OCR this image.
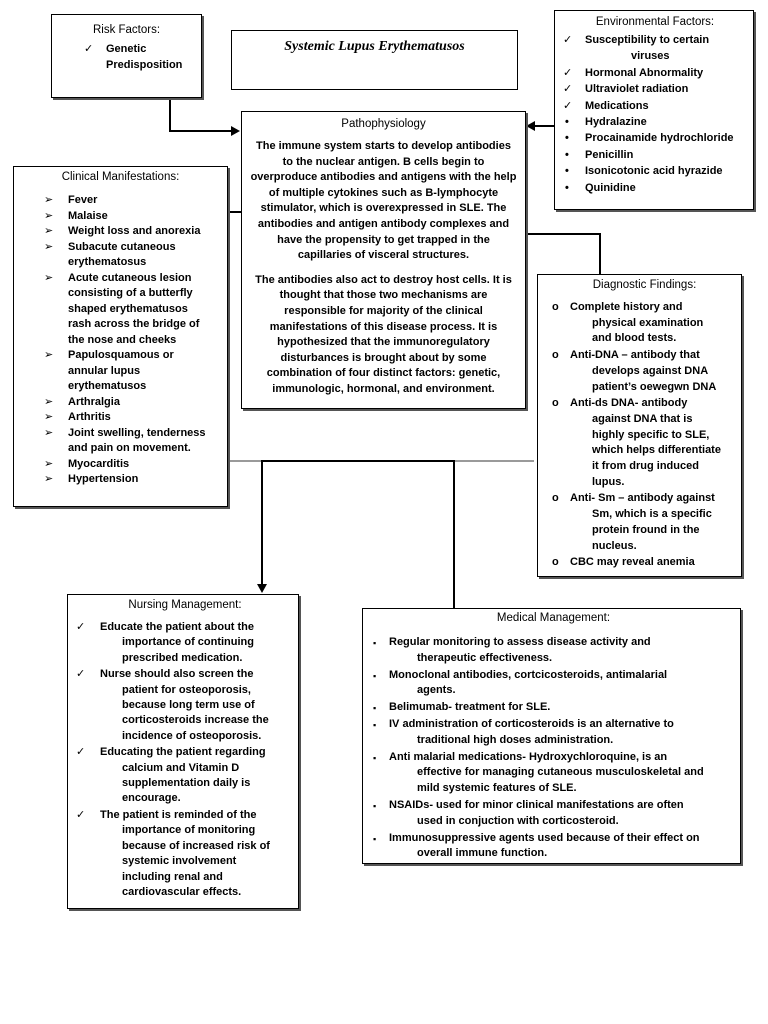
Risk Factors:
✓ Genetic
Predisposition
Systemic Lupus Erythematusos
Environmental Factors:
✓ Susceptibility to certain
viruses
✓ Hormonal Abnormality
✓ Ultraviolet radiation
✓ Medications
• Hydralazine
• Procainamide hydrochloride
• Penicillin
• Isonicotonic acid hyrazide
• Quinidine
Pathophysiology

The immune system starts to develop antibodies to the nuclear antigen. B cells begin to overproduce antibodies and antigens with the help of multiple cytokines such as B-lymphocyte stimulator, which is overexpressed in SLE. The antibodies and antigen antibody complexes and have the propensity to get trapped in the capillaries of visceral structures.

The antibodies also act to destroy host cells. It is thought that those two mechanisms are responsible for majority of the clinical manifestations of this disease process. It is hypothesized that the immunoregulatory disturbances is brought about by some combination of four distinct factors: genetic, immunologic, hormonal, and environment.

Clinical Manifestations:
➢ Fever
➢ Malaise
➢ Weight loss and anorexia
➢ Subacute cutaneous
erythematosus
➢ Acute cutaneous lesion
consisting of a butterfly
shaped erythematusos
rash across the bridge of
the nose and cheeks
➢ Papulosquamous or
annular lupus
erythematusos
➢ Arthralgia
➢ Arthritis
➢ Joint swelling, tenderness
and pain on movement.
➢ Myocarditis
➢ Hypertension
Diagnostic Findings:
o Complete history and
physical examination
and blood tests.
o Anti-DNA – antibody that
develops against DNA
patient’s oewegwn DNA
o Anti-ds DNA- antibody
against DNA that is
highly specific to SLE,
which helps differentiate
it from drug induced
lupus.
o Anti- Sm – antibody against
Sm, which is a specific
protein fround in the
nucleus.
o CBC may reveal anemia
Nursing Management:
✓ Educate the patient about the
importance of continuing
prescribed medication.
✓ Nurse should also screen the
patient for osteoporosis,
because long term use of
corticosteroids increase the
incidence of osteoporosis.
✓ Educating the patient regarding
calcium and Vitamin D
supplementation daily is
encourage.
✓ The patient is reminded of the
importance of monitoring
because of increased risk of
systemic involvement
including renal and
cardiovascular effects.
Medical Management:
▪ Regular monitoring to assess disease activity and
therapeutic effectiveness.
▪ Monoclonal antibodies, cortcicosteroids, antimalarial
agents.
▪ Belimumab- treatment for SLE.
▪ IV administration of corticosteroids is an alternative to
traditional high doses administration.
▪ Anti malarial medications- Hydroxychloroquine, is an
effective for managing cutaneous musculoskeletal and
mild systemic features of SLE.
▪ NSAIDs- used for minor clinical manifestations are often
used in conjuction with corticosteroid.
▪ Immunosuppressive agents used because of their effect on
overall immune function.
